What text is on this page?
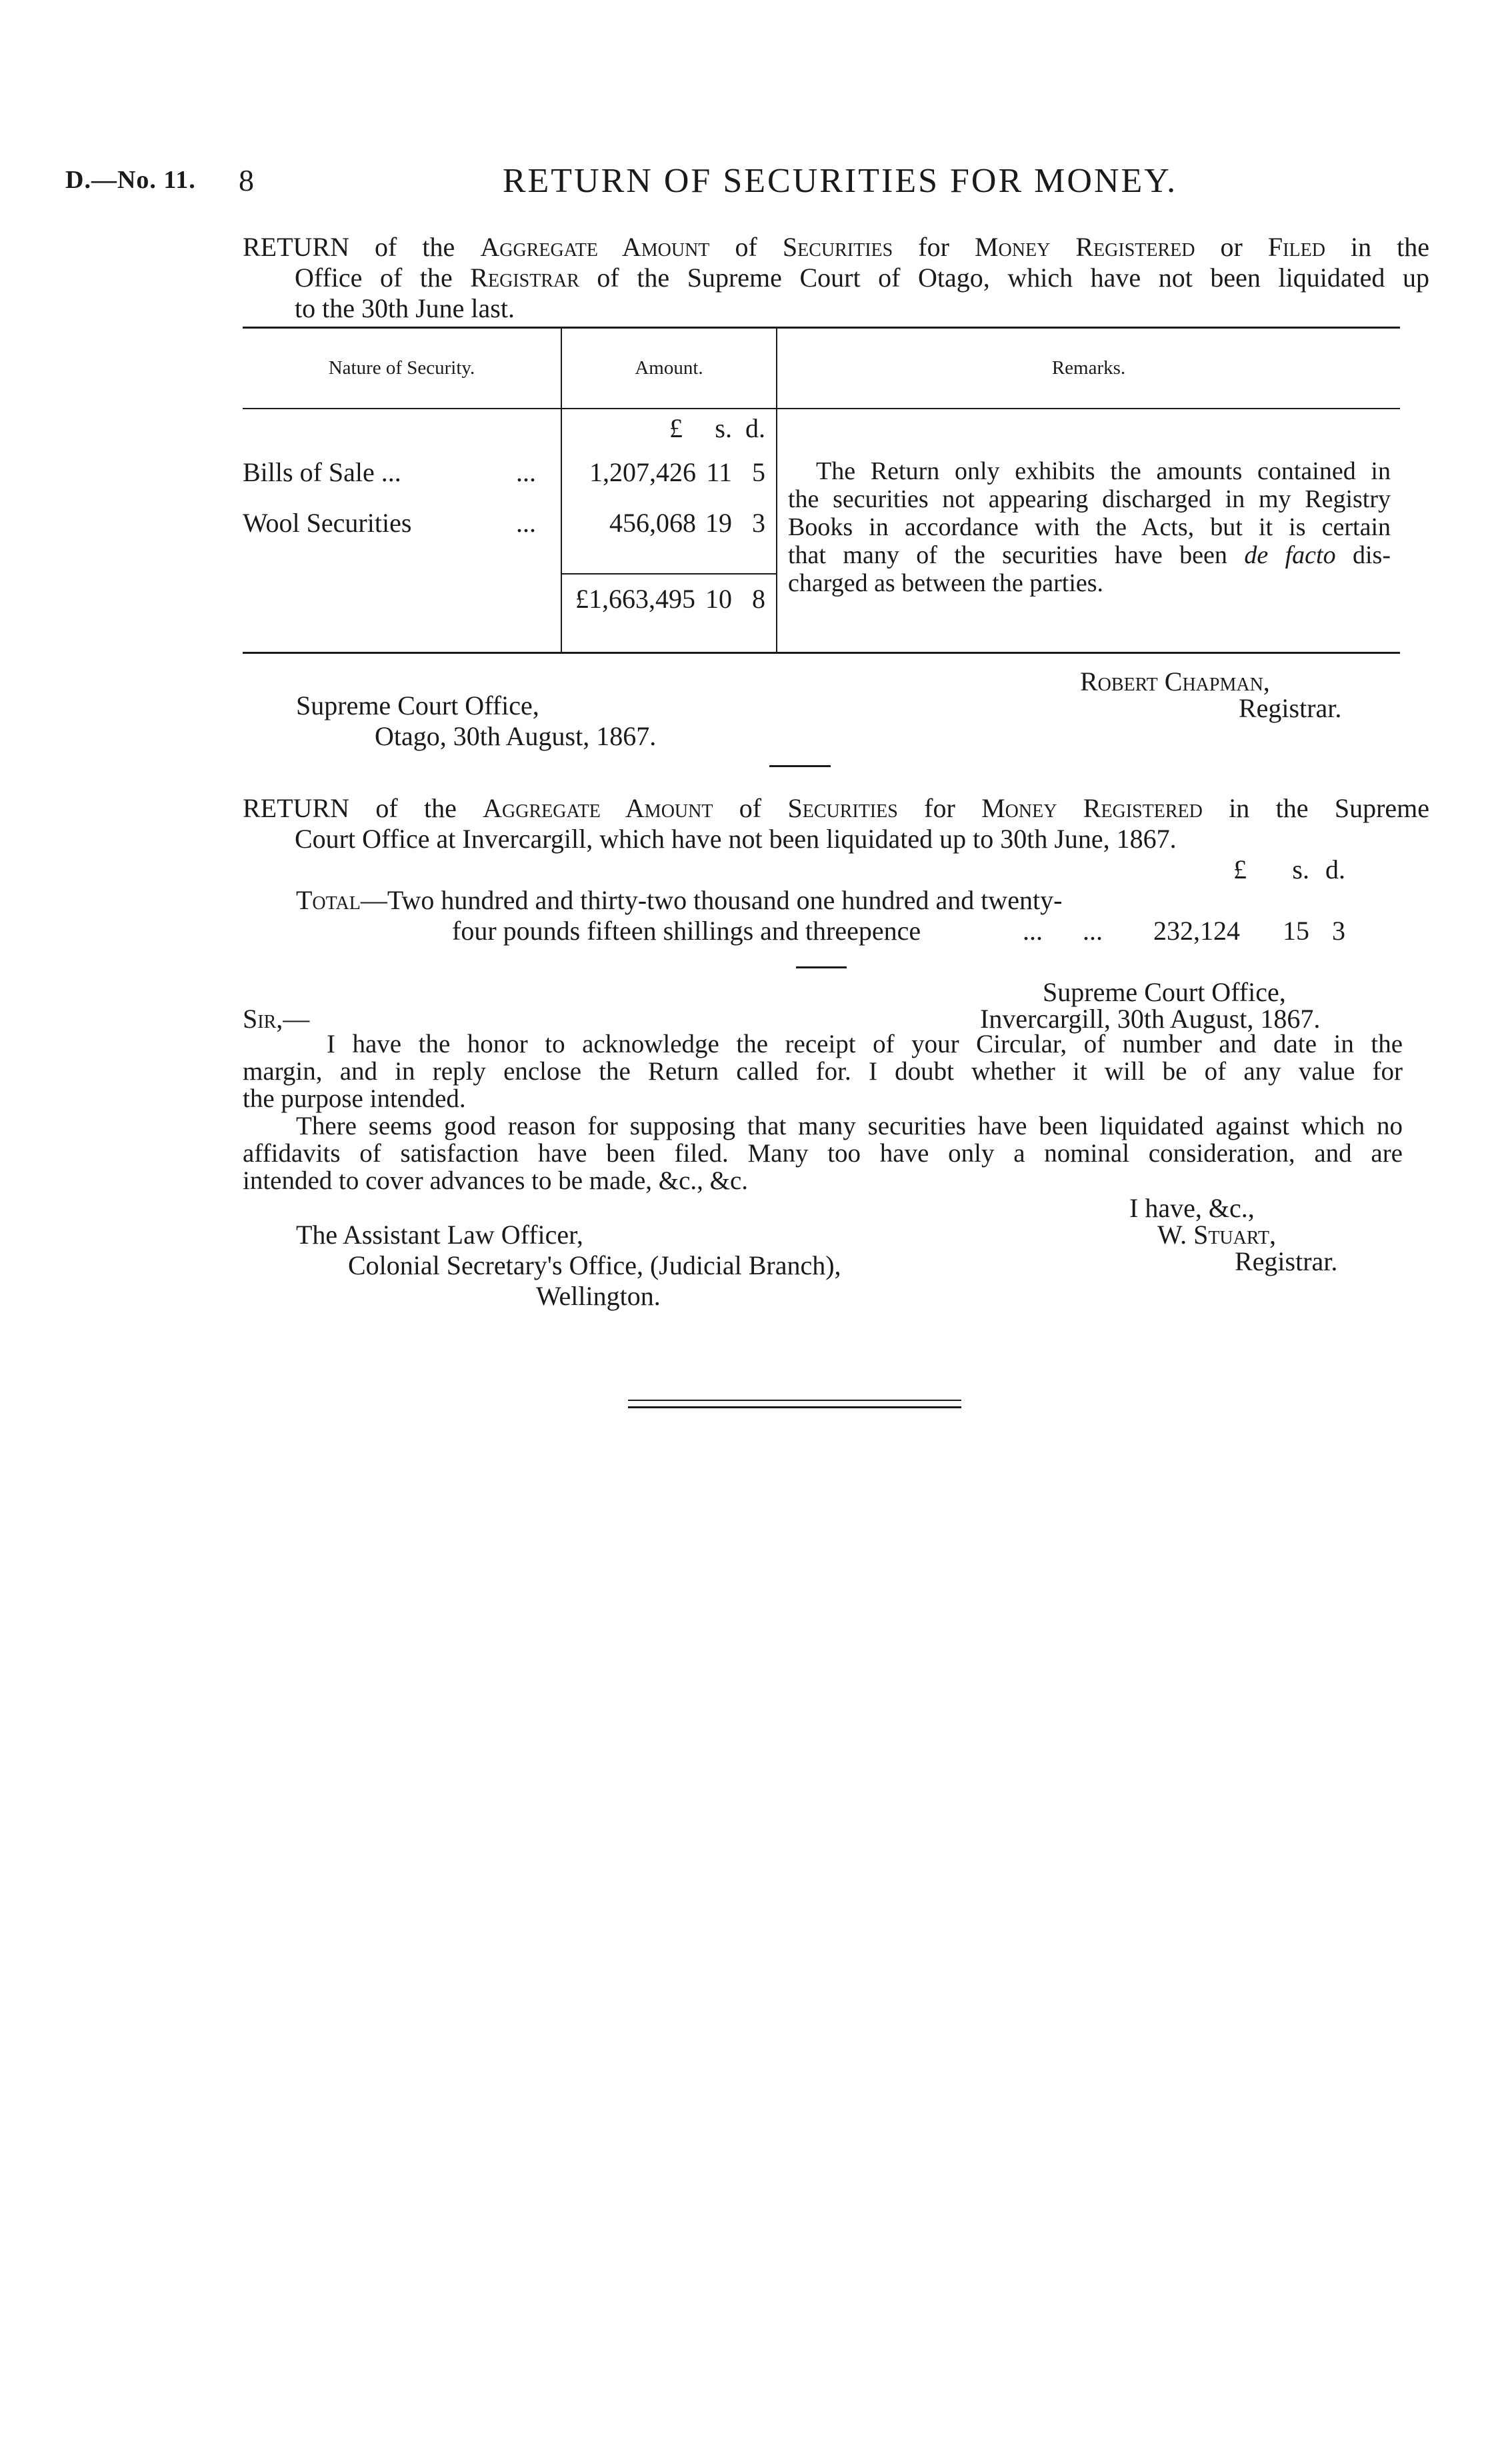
D.—No. 11. 8	RETURN OF SECURITIES FOR MONEY.
RETURN of the Aggregate Amount of Securities for Money Registered or Filed in the
Office of the Registrar of the Supreme Court of Otago, which have not been liquidated up
to the 30th June last.
Nature of Security.	Amount.	Remarks.
£	s. d.
Bills of Sale ...	...	1,207,426 11 5
Wool Securities	...	456,068 19 3
£1,663,495 10 8
The Return only exhibits the amounts contained in
the securities not appearing discharged in my Registry
Books in accordance with the Acts, but it is certain
that many of the securities have been de facto dis-
charged as between the parties.
Supreme Court Office,
Otago, 30th August, 1867.
Robert Chapman,
Registrar.
RETURN of the Aggregate Amount of Securities for Money Registered in the Supreme
Court Office at Invercargill, which have not been liquidated up to 30th June, 1867.
£	s. d.
Total—Two hundred and thirty-two thousand one hundred and twenty-
four pounds fifteen shillings and threepence	...      ...	232,124 15 3
Supreme Court Office,
Invercargill, 30th August, 1867.
Sir,—
I have the honor to acknowledge the receipt of your Circular, of number and date in the
margin, and in reply enclose the Return called for. I doubt whether it will be of any value for
the purpose intended.
There seems good reason for supposing that many securities have been liquidated against which no
affidavits of satisfaction have been filed. Many too have only a nominal consideration, and are
intended to cover advances to be made, &c., &c.
I have, &c.,
W. Stuart,
Registrar.
The Assistant Law Officer,
Colonial Secretary's Office, (Judicial Branch),
Wellington.
